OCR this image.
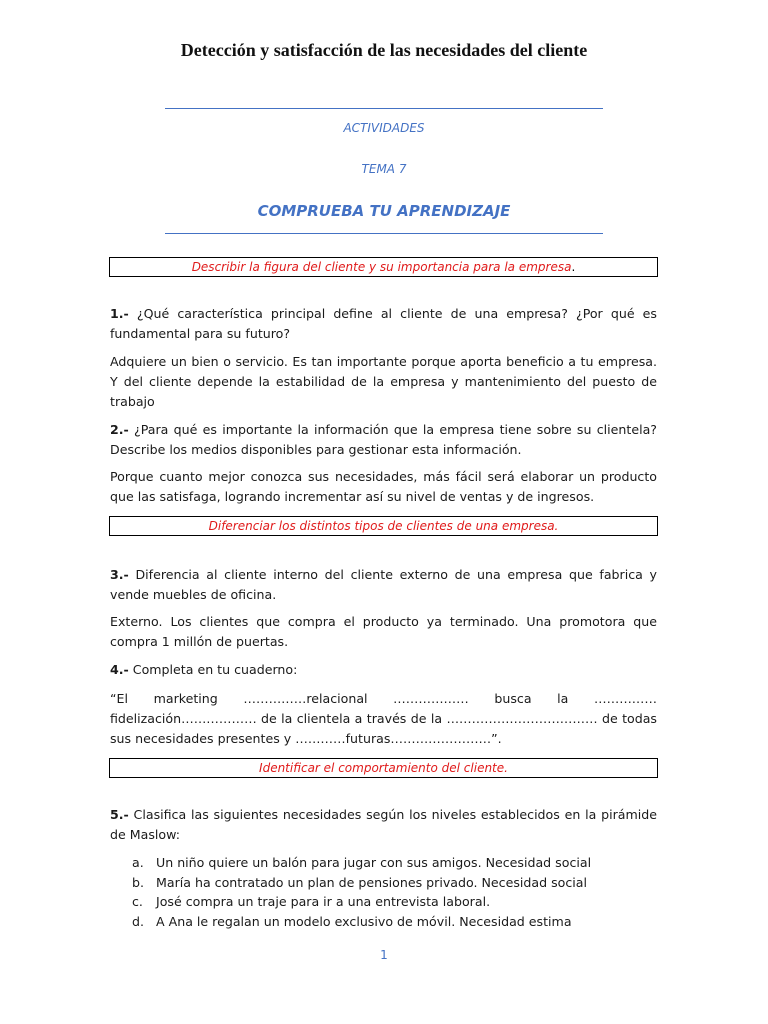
Detección y satisfacción de las necesidades del cliente
ACTIVIDADES
TEMA 7
COMPRUEBA TU APRENDIZAJE
Describir la figura del cliente y su importancia para la empresa.
1.- ¿Qué característica principal define al cliente de una empresa? ¿Por qué es fundamental para su futuro?
Adquiere un bien o servicio. Es tan importante porque aporta beneficio a tu empresa. Y del cliente depende la estabilidad de la empresa y mantenimiento del puesto de trabajo
2.- ¿Para qué es importante la información que la empresa tiene sobre su clientela? Describe los medios disponibles para gestionar esta información.
Porque cuanto mejor conozca sus necesidades, más fácil será elaborar un producto que las satisfaga, logrando incrementar así su nivel de ventas y de ingresos.
Diferenciar los distintos tipos de clientes de una empresa.
3.- Diferencia al cliente interno del cliente externo de una empresa que fabrica y vende muebles de oficina.
Externo. Los clientes que compra el producto ya terminado. Una promotora que compra 1 millón de puertas.
4.- Completa en tu cuaderno:
“El marketing ……………relacional ……………… busca la ……………fidelización……………… de la clientela a través de la ……………………………… de todas sus necesidades presentes y …………futuras……………………”.
Identificar el comportamiento del cliente.
5.- Clasifica las siguientes necesidades según los niveles establecidos en la pirámide de Maslow:
a. Un niño quiere un balón para jugar con sus amigos. Necesidad social
b. María ha contratado un plan de pensiones privado. Necesidad social
c.	José compra un traje para ir a una entrevista laboral.
d. A Ana le regalan un modelo exclusivo de móvil. Necesidad estima
1
